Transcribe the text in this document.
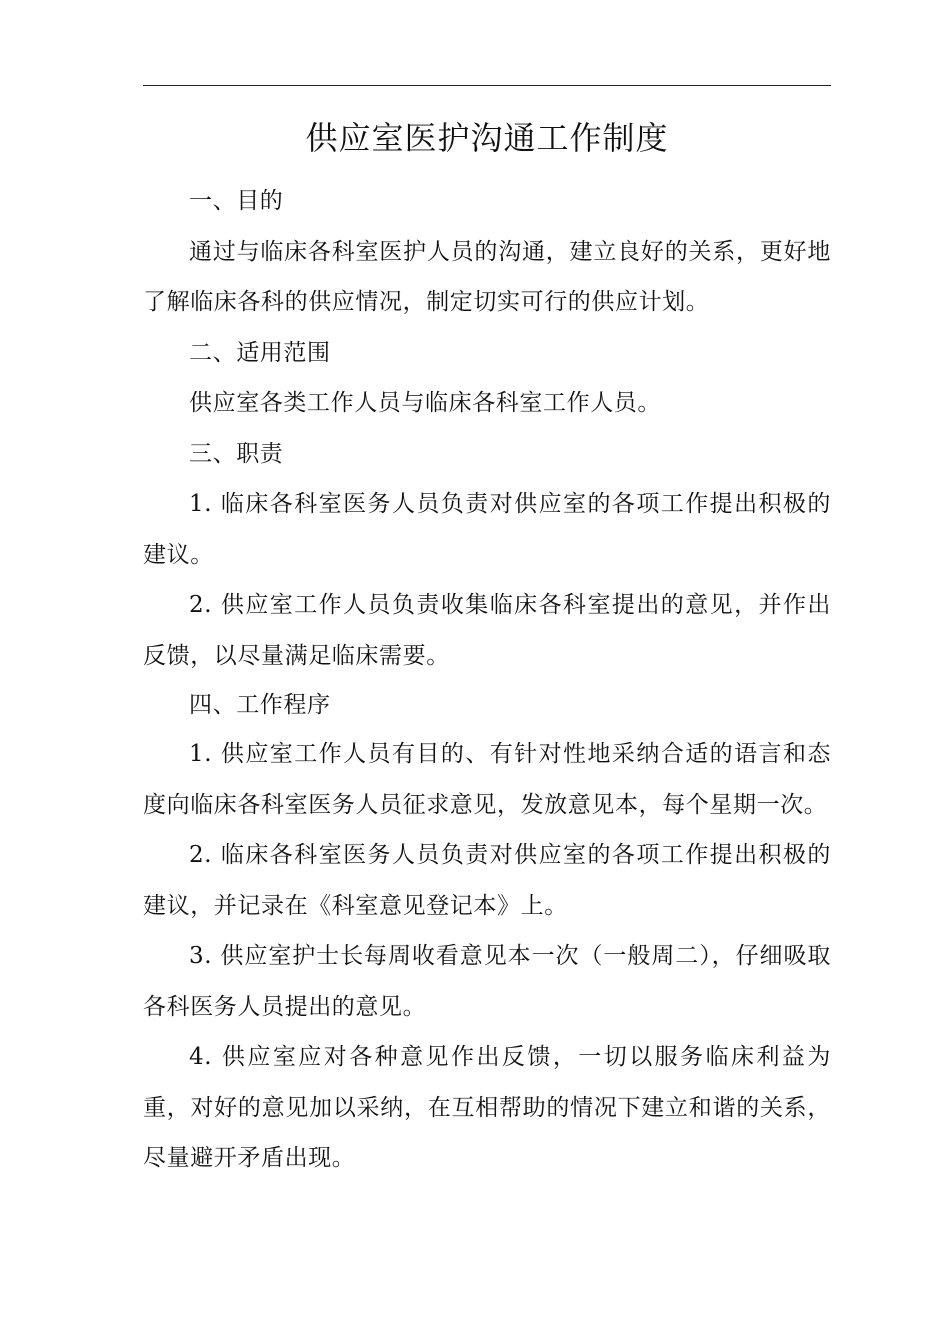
供应室医护沟通工作制度

一、目的

通过与临床各科室医护人员的沟通，建立良好的关系，更好地了解临床各科的供应情况，制定切实可行的供应计划。

二、适用范围

供应室各类工作人员与临床各科室工作人员。

三、职责

1. 临床各科室医务人员负责对供应室的各项工作提出积极的建议。

2. 供应室工作人员负责收集临床各科室提出的意见，并作出反馈，以尽量满足临床需要。

四、工作程序

1. 供应室工作人员有目的、有针对性地采纳合适的语言和态度向临床各科室医务人员征求意见，发放意见本，每个星期一次。

2. 临床各科室医务人员负责对供应室的各项工作提出积极的建议，并记录在《科室意见登记本》上。

3. 供应室护士长每周收看意见本一次（一般周二），仔细吸取各科医务人员提出的意见。

4. 供应室应对各种意见作出反馈，一切以服务临床利益为重，对好的意见加以采纳，在互相帮助的情况下建立和谐的关系，尽量避开矛盾出现。
